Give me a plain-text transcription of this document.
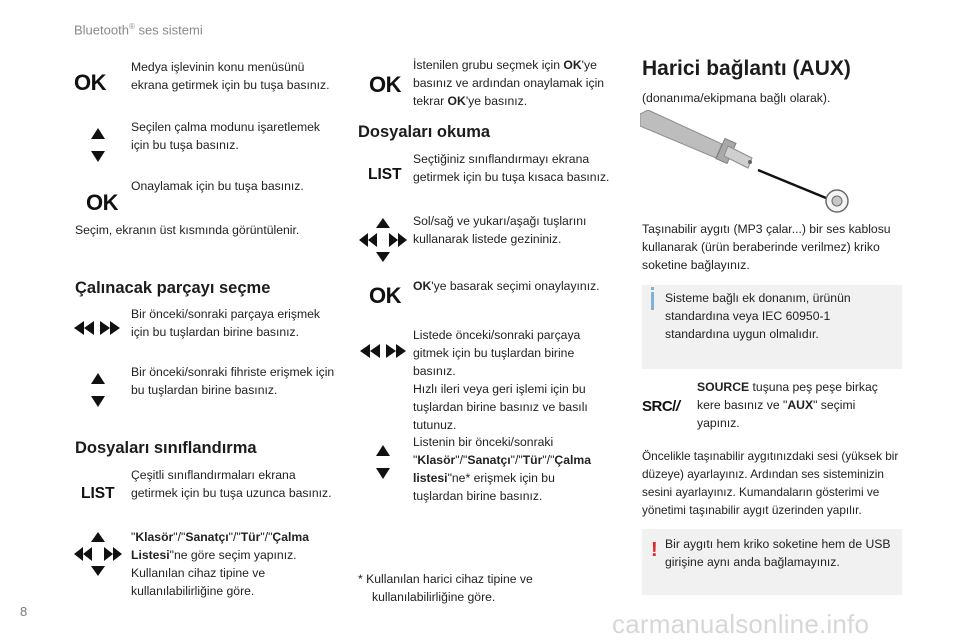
Bluetooth® ses sistemi
8	carmanualsonline.info
OK
Medya işlevinin konu menüsünü ekrana getirmek için bu tuşa basınız.
Seçilen çalma modunu işaretlemek için bu tuşa basınız.
OK
Onaylamak için bu tuşa basınız.
Seçim, ekranın üst kısmında görüntülenir.
Çalınacak parçayı seçme
Bir önceki/sonraki parçaya erişmek için bu tuşlardan birine basınız.
Bir önceki/sonraki fihriste erişmek için bu tuşlardan birine basınız.
Dosyaları sınıflandırma
LIST
Çeşitli sınıflandırmaları ekrana getirmek için bu tuşa uzunca basınız.
"Klasör"/"Sanatçı"/"Tür"/"Çalma Listesi"ne göre seçim yapınız. Kullanılan cihaz tipine ve kullanılabilirliğine göre.
OK
İstenilen grubu seçmek için OK'ye basınız ve ardından onaylamak için tekrar OK'ye basınız.
Dosyaları okuma
LIST
Seçtiğiniz sınıflandırmayı ekrana getirmek için bu tuşa kısaca basınız.
Sol/sağ ve yukarı/aşağı tuşlarını kullanarak listede gezininiz.
OK OK'ye basarak seçimi onaylayınız.
Listede önceki/sonraki parçaya gitmek için bu tuşlardan birine basınız.
Hızlı ileri veya geri işlemi için bu tuşlardan birine basınız ve basılı tutunuz.
Listenin bir önceki/sonraki "Klasör"/"Sanatçı"/"Tür"/"Çalma listesi"ne* erişmek için bu tuşlardan birine basınız.
* Kullanılan harici cihaz tipine ve kullanılabilirliğine göre.
Harici bağlantı (AUX)
(donanıma/ekipmana bağlı olarak).
Taşınabilir aygıtı (MP3 çalar...) bir ses kablosu kullanarak (ürün beraberinde verilmez) kriko soketine bağlayınız.
Sisteme bağlı ek donanım, ürünün standardına veya IEC 60950-1 standardına uygun olmalıdır.
SRC//
SOURCE tuşuna peş peşe birkaç kere basınız ve "AUX" seçimi yapınız.
Öncelikle taşınabilir aygıtınızdaki sesi (yüksek bir düzeye) ayarlayınız. Ardından ses sisteminizin sesini ayarlayınız. Kumandaların gösterimi ve yönetimi taşınabilir aygıt üzerinden yapılır.
! Bir aygıtı hem kriko soketine hem de USB girişine aynı anda bağlamayınız.
